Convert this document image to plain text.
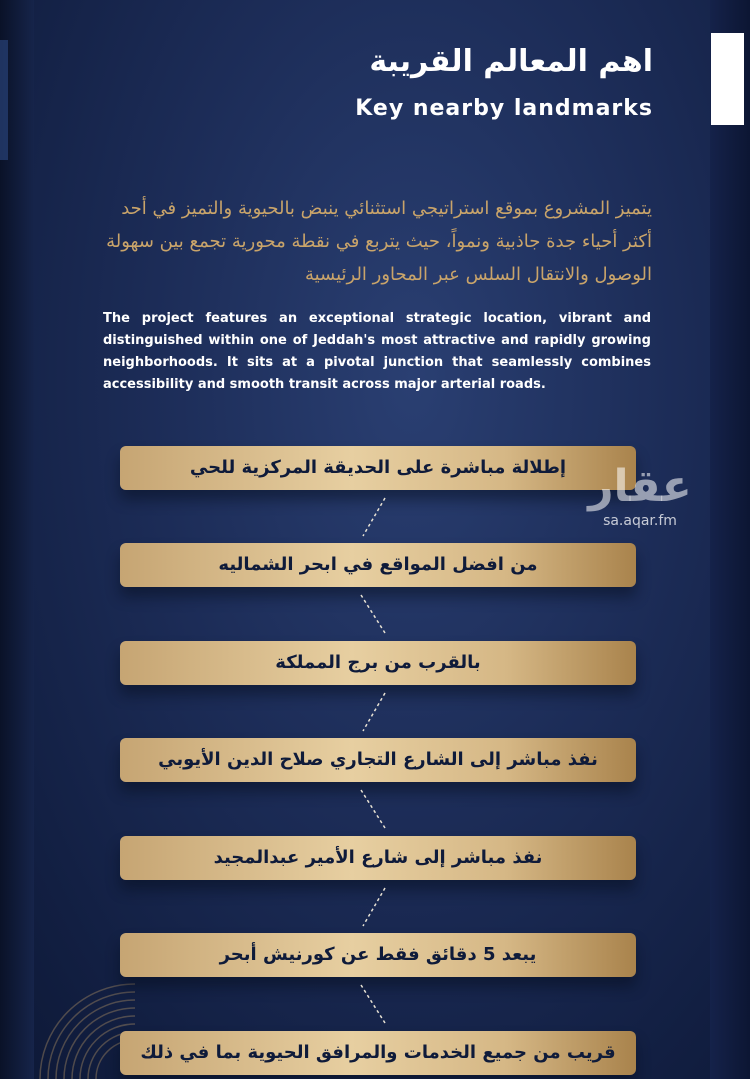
اهم المعالم القريبة
Key nearby landmarks
يتميز المشروع بموقع استراتيجي استثنائي ينبض بالحيوية والتميز في أحد أكثر أحياء جدة جاذبية ونمواً، حيث يتربع في نقطة محورية تجمع بين سهولة الوصول والانتقال السلس عبر المحاور الرئيسية
The project features an exceptional strategic location, vibrant and distinguished within one of Jeddah's most attractive and rapidly growing neighborhoods. It sits at a pivotal junction that seamlessly combines accessibility and smooth transit across major arterial roads.
إطلالة مباشرة على الحديقة المركزية للحي
من افضل المواقع في ابحر الشماليه
بالقرب من برج المملكة
نفذ مباشر إلى الشارع التجاري صلاح الدين الأيوبي
نفذ مباشر إلى شارع الأمير عبدالمجيد
يبعد 5 دقائق فقط عن كورنيش أبحر
قريب من جميع الخدمات والمرافق الحيوية بما في ذلك
عقار
sa.aqar.fm
